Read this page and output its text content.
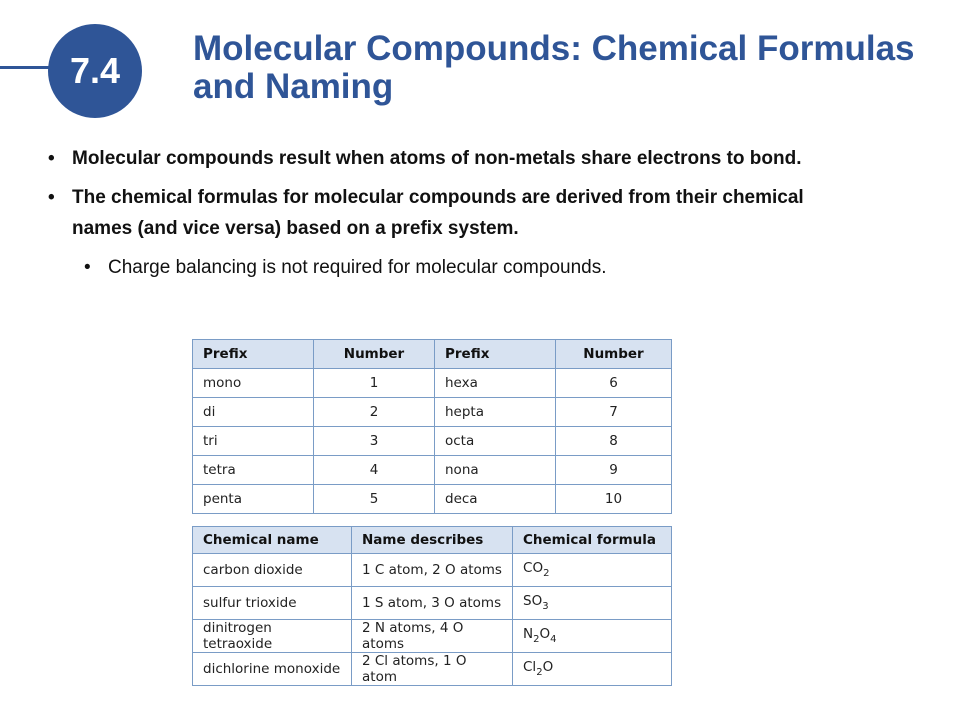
7.4
Molecular Compounds: Chemical Formulas and Naming

• Molecular compounds result when atoms of non-metals share electrons to bond.

• The chemical formulas for molecular compounds are derived from their chemical names (and vice versa) based on a prefix system.

• Charge balancing is not required for molecular compounds.

Prefix	Number	Prefix	Number
mono	1	hexa	6
di	2	hepta	7
tri	3	octa	8
tetra	4	nona	9
penta	5	deca	10
Chemical name	Name describes	Chemical formula
carbon dioxide	1 C atom, 2 O atoms	$CO_2$
sulfur trioxide	1 S atom, 3 O atoms	$SO_3$
dinitrogen tetraoxide	2 N atoms, 4 O atoms	$N_2O_4$
dichlorine monoxide	2 Cl atoms, 1 O atom	$Cl_2O$
